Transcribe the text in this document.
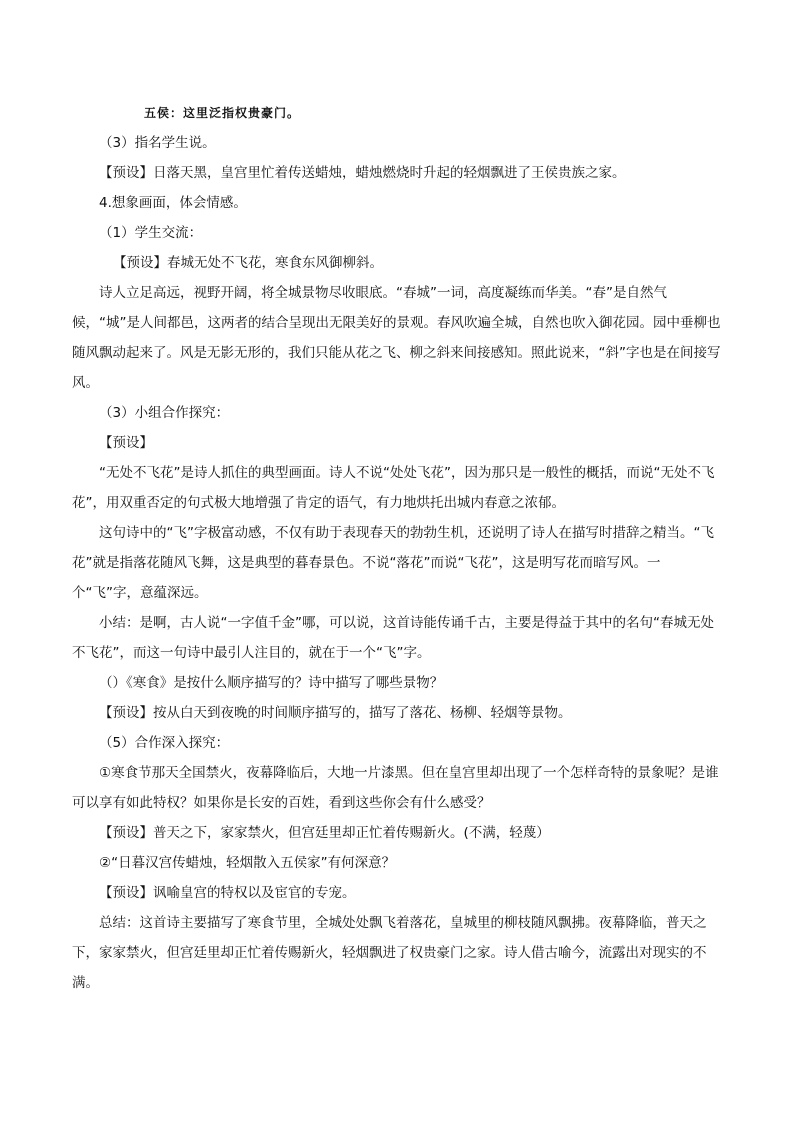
五侯：这里泛指权贵豪门。

（3）指名学生说。

【预设】日落天黑，皇宫里忙着传送蜡烛，蜡烛燃烧时升起的轻烟飘进了王侯贵族之家。

4.想象画面，体会情感。

（1）学生交流：

【预设】春城无处不飞花，寒食东风御柳斜。

诗人立足高远，视野开阔，将全城景物尽收眼底。“春城”一词，高度凝练而华美。“春”是自然气候，“城”是人间都邑，这两者的结合呈现出无限美好的景观。春风吹遍全城，自然也吹入御花园。园中垂柳也随风飘动起来了。风是无影无形的，我们只能从花之飞、柳之斜来间接感知。照此说来，“斜”字也是在间接写风。

（3）小组合作探究：

【预设】

“无处不飞花”是诗人抓住的典型画面。诗人不说“处处飞花”，因为那只是一般性的概括，而说“无处不飞花”，用双重否定的句式极大地增强了肯定的语气，有力地烘托出城内春意之浓郁。

这句诗中的“飞”字极富动感，不仅有助于表现春天的勃勃生机，还说明了诗人在描写时措辞之精当。“飞花”就是指落花随风飞舞，这是典型的暮春景色。不说“落花”而说“飞花”，这是明写花而暗写风。一个“飞”字，意蕴深远。

小结：是啊，古人说“一字值千金”哪，可以说，这首诗能传诵千古，主要是得益于其中的名句“春城无处不飞花”，而这一句诗中最引人注目的，就在于一个“飞”字。

（）《寒食》是按什么顺序描写的？诗中描写了哪些景物？

【预设】按从白天到夜晚的时间顺序描写的，描写了落花、杨柳、轻烟等景物。

（5）合作深入探究：

①寒食节那天全国禁火，夜幕降临后，大地一片漆黑。但在皇宫里却出现了一个怎样奇特的景象呢？是谁可以享有如此特权？如果你是长安的百姓，看到这些你会有什么感受？

【预设】普天之下，家家禁火，但宫廷里却正忙着传赐新火。(不满，轻蔑）

②“日暮汉宫传蜡烛，轻烟散入五侯家”有何深意？

【预设】讽喻皇宫的特权以及宦官的专宠。

总结：这首诗主要描写了寒食节里，全城处处飘飞着落花，皇城里的柳枝随风飘拂。夜幕降临，普天之下，家家禁火，但宫廷里却正忙着传赐新火，轻烟飘进了权贵豪门之家。诗人借古喻今，流露出对现实的不满。
